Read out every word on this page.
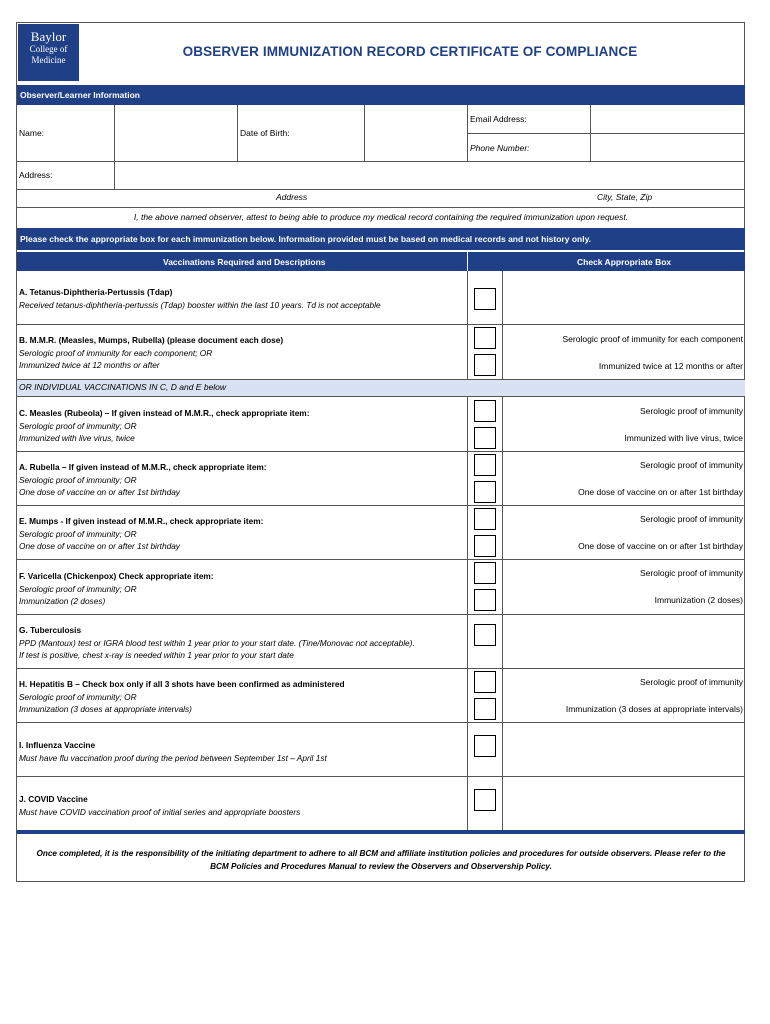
Baylor
College of
Medicine
OBSERVER IMMUNIZATION RECORD CERTIFICATE OF COMPLIANCE
Observer/Learner Information
Name:	Date of Birth:
Email Address:
Phone Number:
Address:
Address	City, State, Zip
I, the above named observer, attest to being able to produce my medical record containing the required immunization upon request.
Please check the appropriate box for each immunization below. Information provided must be based on medical records and not history only.
Vaccinations Required and Descriptions	Check Appropriate Box
A. Tetanus-Diphtheria-Pertussis (Tdap)
Received tetanus-diphtheria-pertussis (Tdap) booster within the last 10 years. Td is not acceptable
B. M.M.R. (Measles, Mumps, Rubella) (please document each dose)
Serologic proof of immunity for each component; OR
Immunized twice at 12 months or after
Serologic proof of immunity for each component
Immunized twice at 12 months or after
OR INDIVIDUAL VACCINATIONS IN C, D and E below
C. Measles (Rubeola) – If given instead of M.M.R., check appropriate item:
Serologic proof of immunity; OR
Immunized with live virus, twice
Serologic proof of immunity
Immunized with live virus, twice
A. Rubella – If given instead of M.M.R., check appropriate item:
Serologic proof of immunity; OR
One dose of vaccine on or after 1st birthday
Serologic proof of immunity
One dose of vaccine on or after 1st birthday
E. Mumps - If given instead of M.M.R., check appropriate item:
Serologic proof of immunity; OR
One dose of vaccine on or after 1st birthday
Serologic proof of immunity
One dose of vaccine on or after 1st birthday
F. Varicella (Chickenpox) Check appropriate item:
Serologic proof of immunity; OR
Immunization (2 doses)
Serologic proof of immunity
Immunization (2 doses)
G. Tuberculosis
PPD (Mantoux) test or IGRA blood test within 1 year prior to your start date. (Tine/Monovac not acceptable).
If test is positive, chest x-ray is needed within 1 year prior to your start date
H. Hepatitis B – Check box only if all 3 shots have been confirmed as administered
Serologic proof of immunity; OR
Immunization (3 doses at appropriate intervals)
Serologic proof of immunity
Immunization (3 doses at appropriate intervals)
I. Influenza Vaccine
Must have flu vaccination proof during the period between September 1st – April 1st
J. COVID Vaccine
Must have COVID vaccination proof of initial series and appropriate boosters
Once completed, it is the responsibility of the initiating department to adhere to all BCM and affiliate institution policies and procedures for outside observers. Please refer to the
BCM Policies and Procedures Manual to review the Observers and Observership Policy.
